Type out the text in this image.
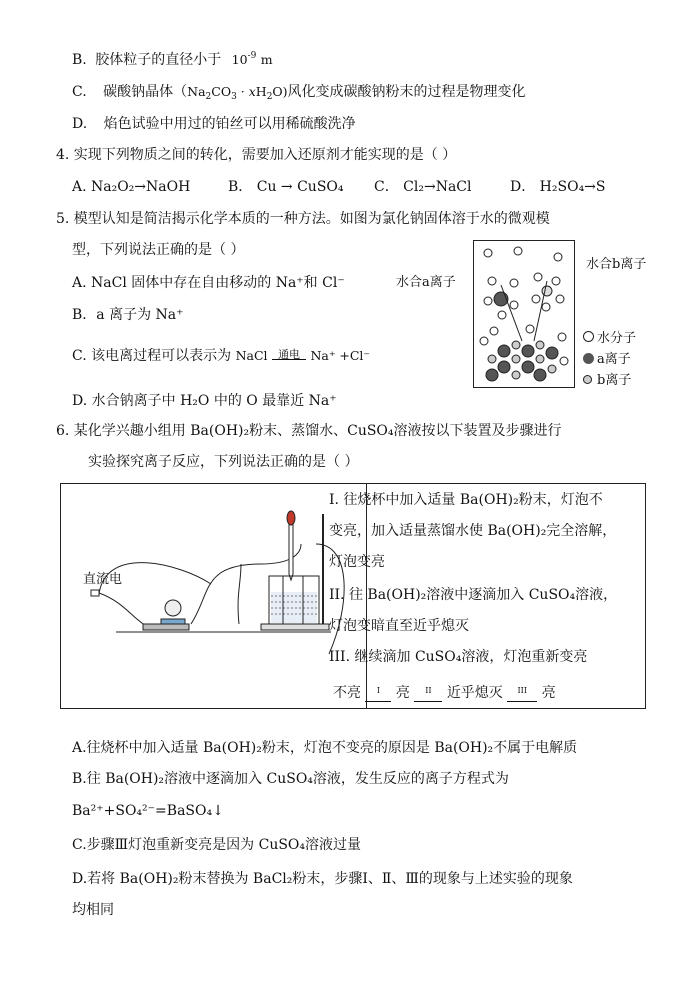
B. 胶体粒子的直径小于 $10^{-9}$ m
C. 碳酸钠晶体$(Na_2CO_3 \cdot xH_2O)$风化变成碳酸钠粉末的过程是物理变化
D. 焰色试验中用过的铂丝可以用稀硫酸洗净
4. 实现下列物质之间的转化，需要加入还原剂才能实现的是（ ）
A. Na₂O₂→NaOH	B． Cu → CuSO₄ C． Cl₂→NaCl	D． H₂SO₄→S
5. 模型认知是简洁揭示化学本质的一种方法。如图为氯化钠固体溶于水的微观模
型，下列说法正确的是（ ）
A. NaCl 固体中存在自由移动的 Na⁺和 Cl⁻
B．a 离子为 Na⁺
C. 该电离过程可以表示为 NaCl 通电 Na⁺ +Cl⁻
D. 水合钠离子中 H₂O 中的 O 最靠近 Na⁺
水合a离子
水合b离子
水分子
a离子
b离子
6. 某化学兴趣小组用 Ba(OH)₂粉末、蒸馏水、CuSO₄溶液按以下装置及步骤进行
实验探究离子反应，下列说法正确的是（ ）
直流电
I. 往烧杯中加入适量 Ba(OH)₂粉末，灯泡不
变亮，加入适量蒸馏水使 Ba(OH)₂完全溶解，
灯泡变亮
II. 往 Ba(OH)₂溶液中逐滴加入 CuSO₄溶液，
灯泡变暗直至近乎熄灭
III. 继续滴加 CuSO₄溶液，灯泡重新变亮
不亮 I 亮 II 近乎熄灭 III 亮
A.往烧杯中加入适量 Ba(OH)₂粉末，灯泡不变亮的原因是 Ba(OH)₂不属于电解质
B.往 Ba(OH)₂溶液中逐滴加入 CuSO₄溶液，发生反应的离子方程式为
Ba²⁺+SO₄²⁻=BaSO₄↓
C.步骤Ⅲ灯泡重新变亮是因为 CuSO₄溶液过量
D.若将 Ba(OH)₂粉末替换为 BaCl₂粉末，步骤Ⅰ、Ⅱ、Ⅲ的现象与上述实验的现象
均相同
